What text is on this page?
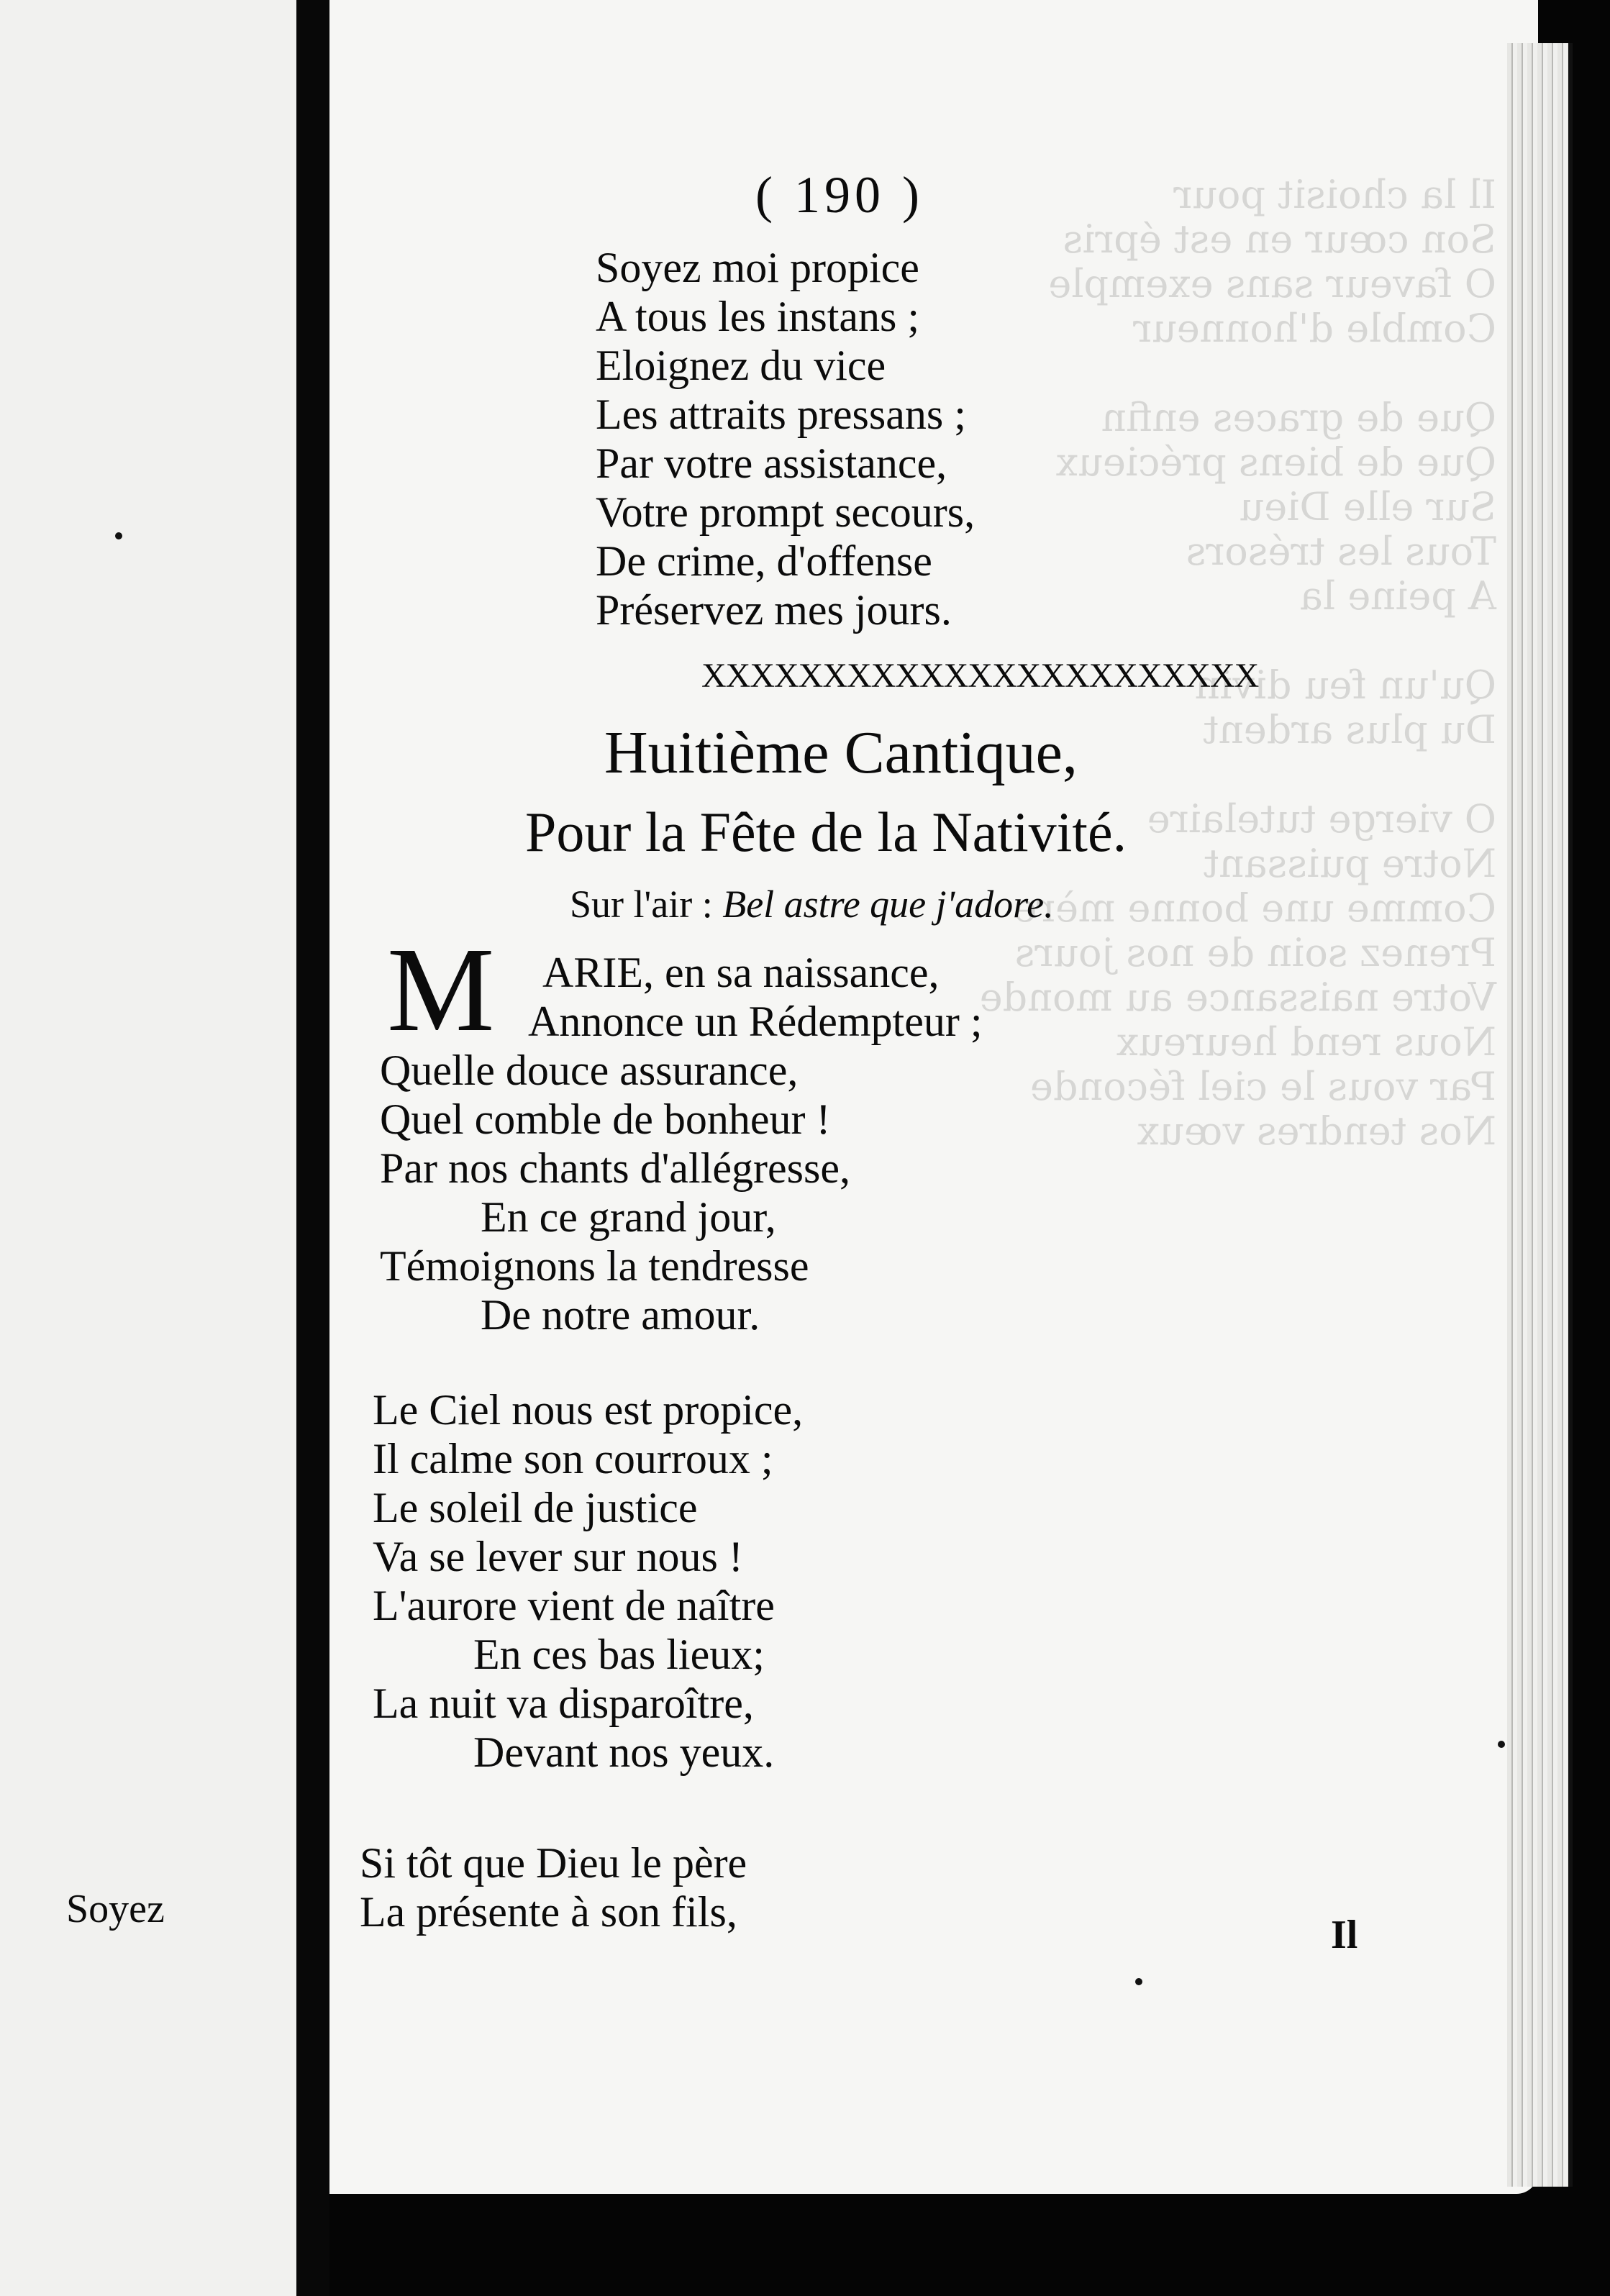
Soyez
Il la choisit pour
Son cœur en est épris
O faveur sans exemple
Comble d'honneur

Que de graces enfin
Que de biens précieux
Sur elle Dieu
Tous les trésors
A peine la

Qu'un feu divin
Du plus ardent

O vierge tutelaire
Notre puissant
Comme une bonne mère
Prenez soin de nos jours
Votre naissance au monde
Nous rend heureux
Par vous le ciel féconde
Nos tendres vœux
( 190 )
Soyez moi propice
A tous les instans ;
Eloignez du vice
Les attraits pressans ;
Par votre assistance,
Votre prompt secours,
De crime, d'offense
Préservez mes jours.
XXXXXXXXXXXXXXXXXXXXXXX
Huitième Cantique,
Pour la Fête de la Nativité.
Sur l'air : Bel astre que j'adore.
M	ARIE, en sa naissance,
Annonce un Rédempteur ;
Quelle douce assurance,
Quel comble de bonheur !
Par nos chants d'allégresse,
En ce grand jour,
Témoignons la tendresse
De notre amour.
Le Ciel nous est propice,
Il calme son courroux ;
Le soleil de justice
Va se lever sur nous !
L'aurore vient de naître
En ces bas lieux;
La nuit va disparoître,
Devant nos yeux.
Si tôt que Dieu le père
La présente à son fils,	Il
